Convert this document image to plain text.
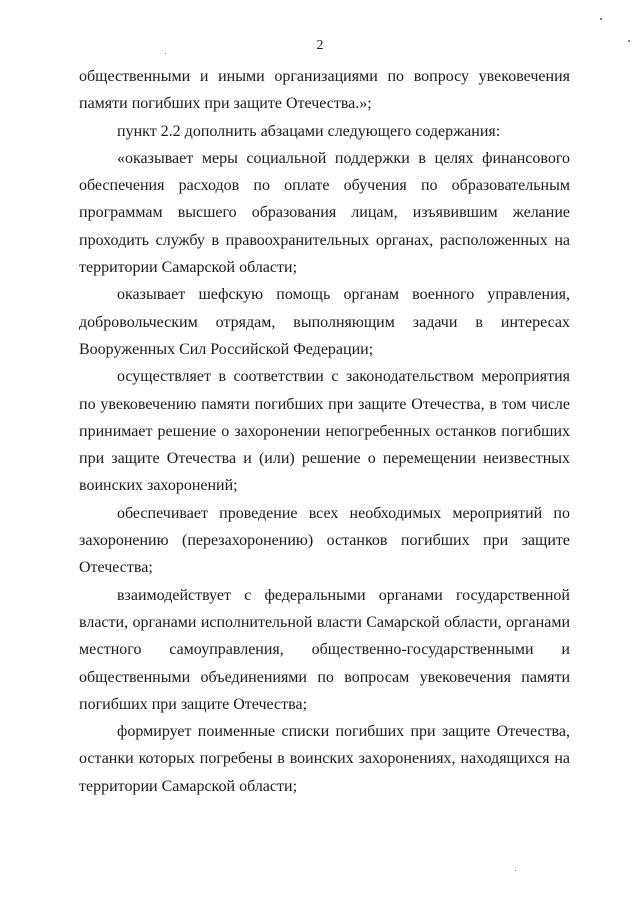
2

общественными и иными организациями по вопросу увековечения памяти погибших при защите Отечества.»;

пункт 2.2 дополнить абзацами следующего содержания:

«оказывает меры социальной поддержки в целях финансового обеспечения расходов по оплате обучения по образовательным программам высшего образования лицам, изъявившим желание проходить службу в правоохранительных органах, расположенных на территории Самарской области;

оказывает шефскую помощь органам военного управления, добровольческим отрядам, выполняющим задачи в интересах Вооруженных Сил Российской Федерации;

осуществляет в соответствии с законодательством мероприятия по увековечению памяти погибших при защите Отечества, в том числе принимает решение о захоронении непогребенных останков погибших при защите Отечества и (или) решение о перемещении неизвестных воинских захоронений;

обеспечивает проведение всех необходимых мероприятий по захоронению (перезахоронению) останков погибших при защите Отечества;

взаимодействует с федеральными органами государственной власти, органами исполнительной власти Самарской области, органами местного самоуправления, общественно-государственными и общественными объединениями по вопросам увековечения памяти погибших при защите Отечества;

формирует поименные списки погибших при защите Отечества, останки которых погребены в воинских захоронениях, находящихся на территории Самарской области;
